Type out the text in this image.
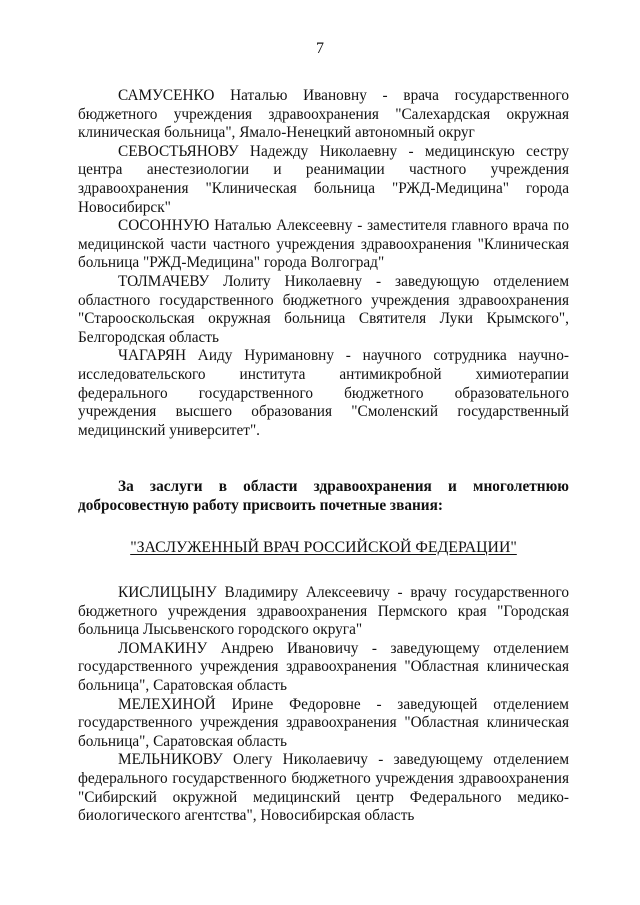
7

САМУСЕНКО Наталью Ивановну - врача государственного бюджетного учреждения здравоохранения "Салехардская окружная клиническая больница", Ямало-Ненецкий автономный округ

СЕВОСТЬЯНОВУ Надежду Николаевну - медицинскую сестру центра анестезиологии и реанимации частного учреждения здравоохранения "Клиническая больница "РЖД-Медицина" города Новосибирск"

СОСОННУЮ Наталью Алексеевну - заместителя главного врача по медицинской части частного учреждения здравоохранения "Клиническая больница "РЖД-Медицина" города Волгоград"

ТОЛМАЧЕВУ Лолиту Николаевну - заведующую отделением областного государственного бюджетного учреждения здравоохранения "Старооскольская окружная больница Святителя Луки Крымского", Белгородская область

ЧАГАРЯН Аиду Нуримановну - научного сотрудника научно-исследовательского института антимикробной химиотерапии федерального государственного бюджетного образовательного учреждения высшего образования "Смоленский государственный медицинский университет".

За заслуги в области здравоохранения и многолетнюю добросовестную работу присвоить почетные звания:

"ЗАСЛУЖЕННЫЙ ВРАЧ РОССИЙСКОЙ ФЕДЕРАЦИИ"

КИСЛИЦЫНУ Владимиру Алексеевичу - врачу государственного бюджетного учреждения здравоохранения Пермского края "Городская больница Лысьвенского городского округа"

ЛОМАКИНУ Андрею Ивановичу - заведующему отделением государственного учреждения здравоохранения "Областная клиническая больница", Саратовская область

МЕЛЕХИНОЙ Ирине Федоровне - заведующей отделением государственного учреждения здравоохранения "Областная клиническая больница", Саратовская область

МЕЛЬНИКОВУ Олегу Николаевичу - заведующему отделением федерального государственного бюджетного учреждения здравоохранения "Сибирский окружной медицинский центр Федерального медико-биологического агентства", Новосибирская область
